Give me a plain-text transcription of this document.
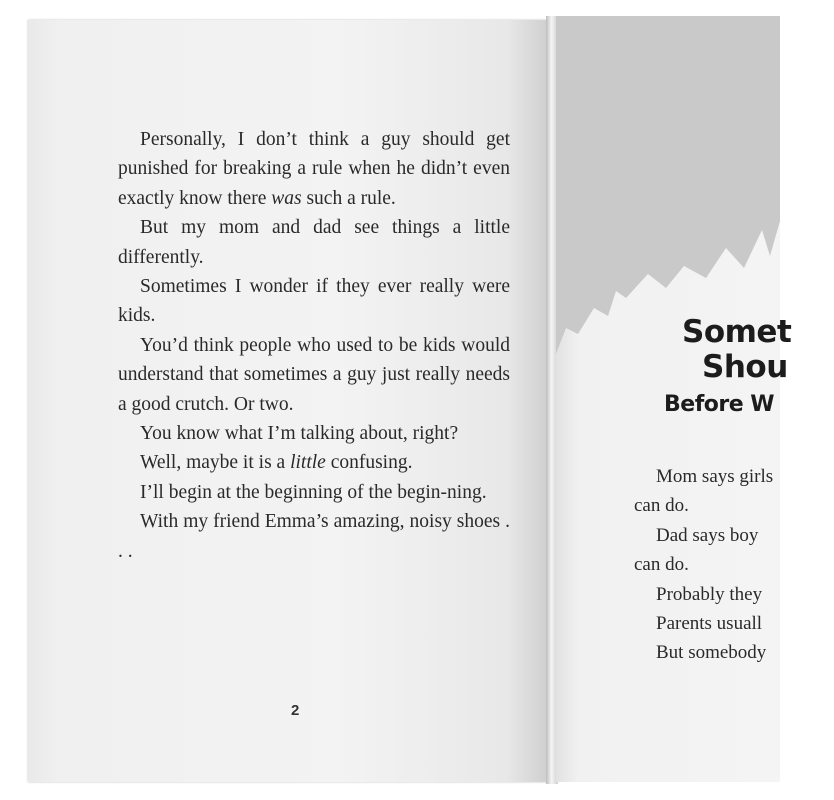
Personally, I don’t think a guy should get punished for breaking a rule when he didn’t even exactly know there was such a rule.

But my mom and dad see things a little differently.

Sometimes I wonder if they ever really were kids.

You’d think people who used to be kids would understand that sometimes a guy just really needs a good crutch. Or two.

You know what I’m talking about, right?

Well, maybe it is a little confusing.

I’ll begin at the beginning of the begin-ning.

With my friend Emma’s amazing, noisy shoes . . .

2
Somet
Shou
Before W

Mom says girls

can do.

Dad says boy

can do.

Probably they

Parents usuall

But somebody
